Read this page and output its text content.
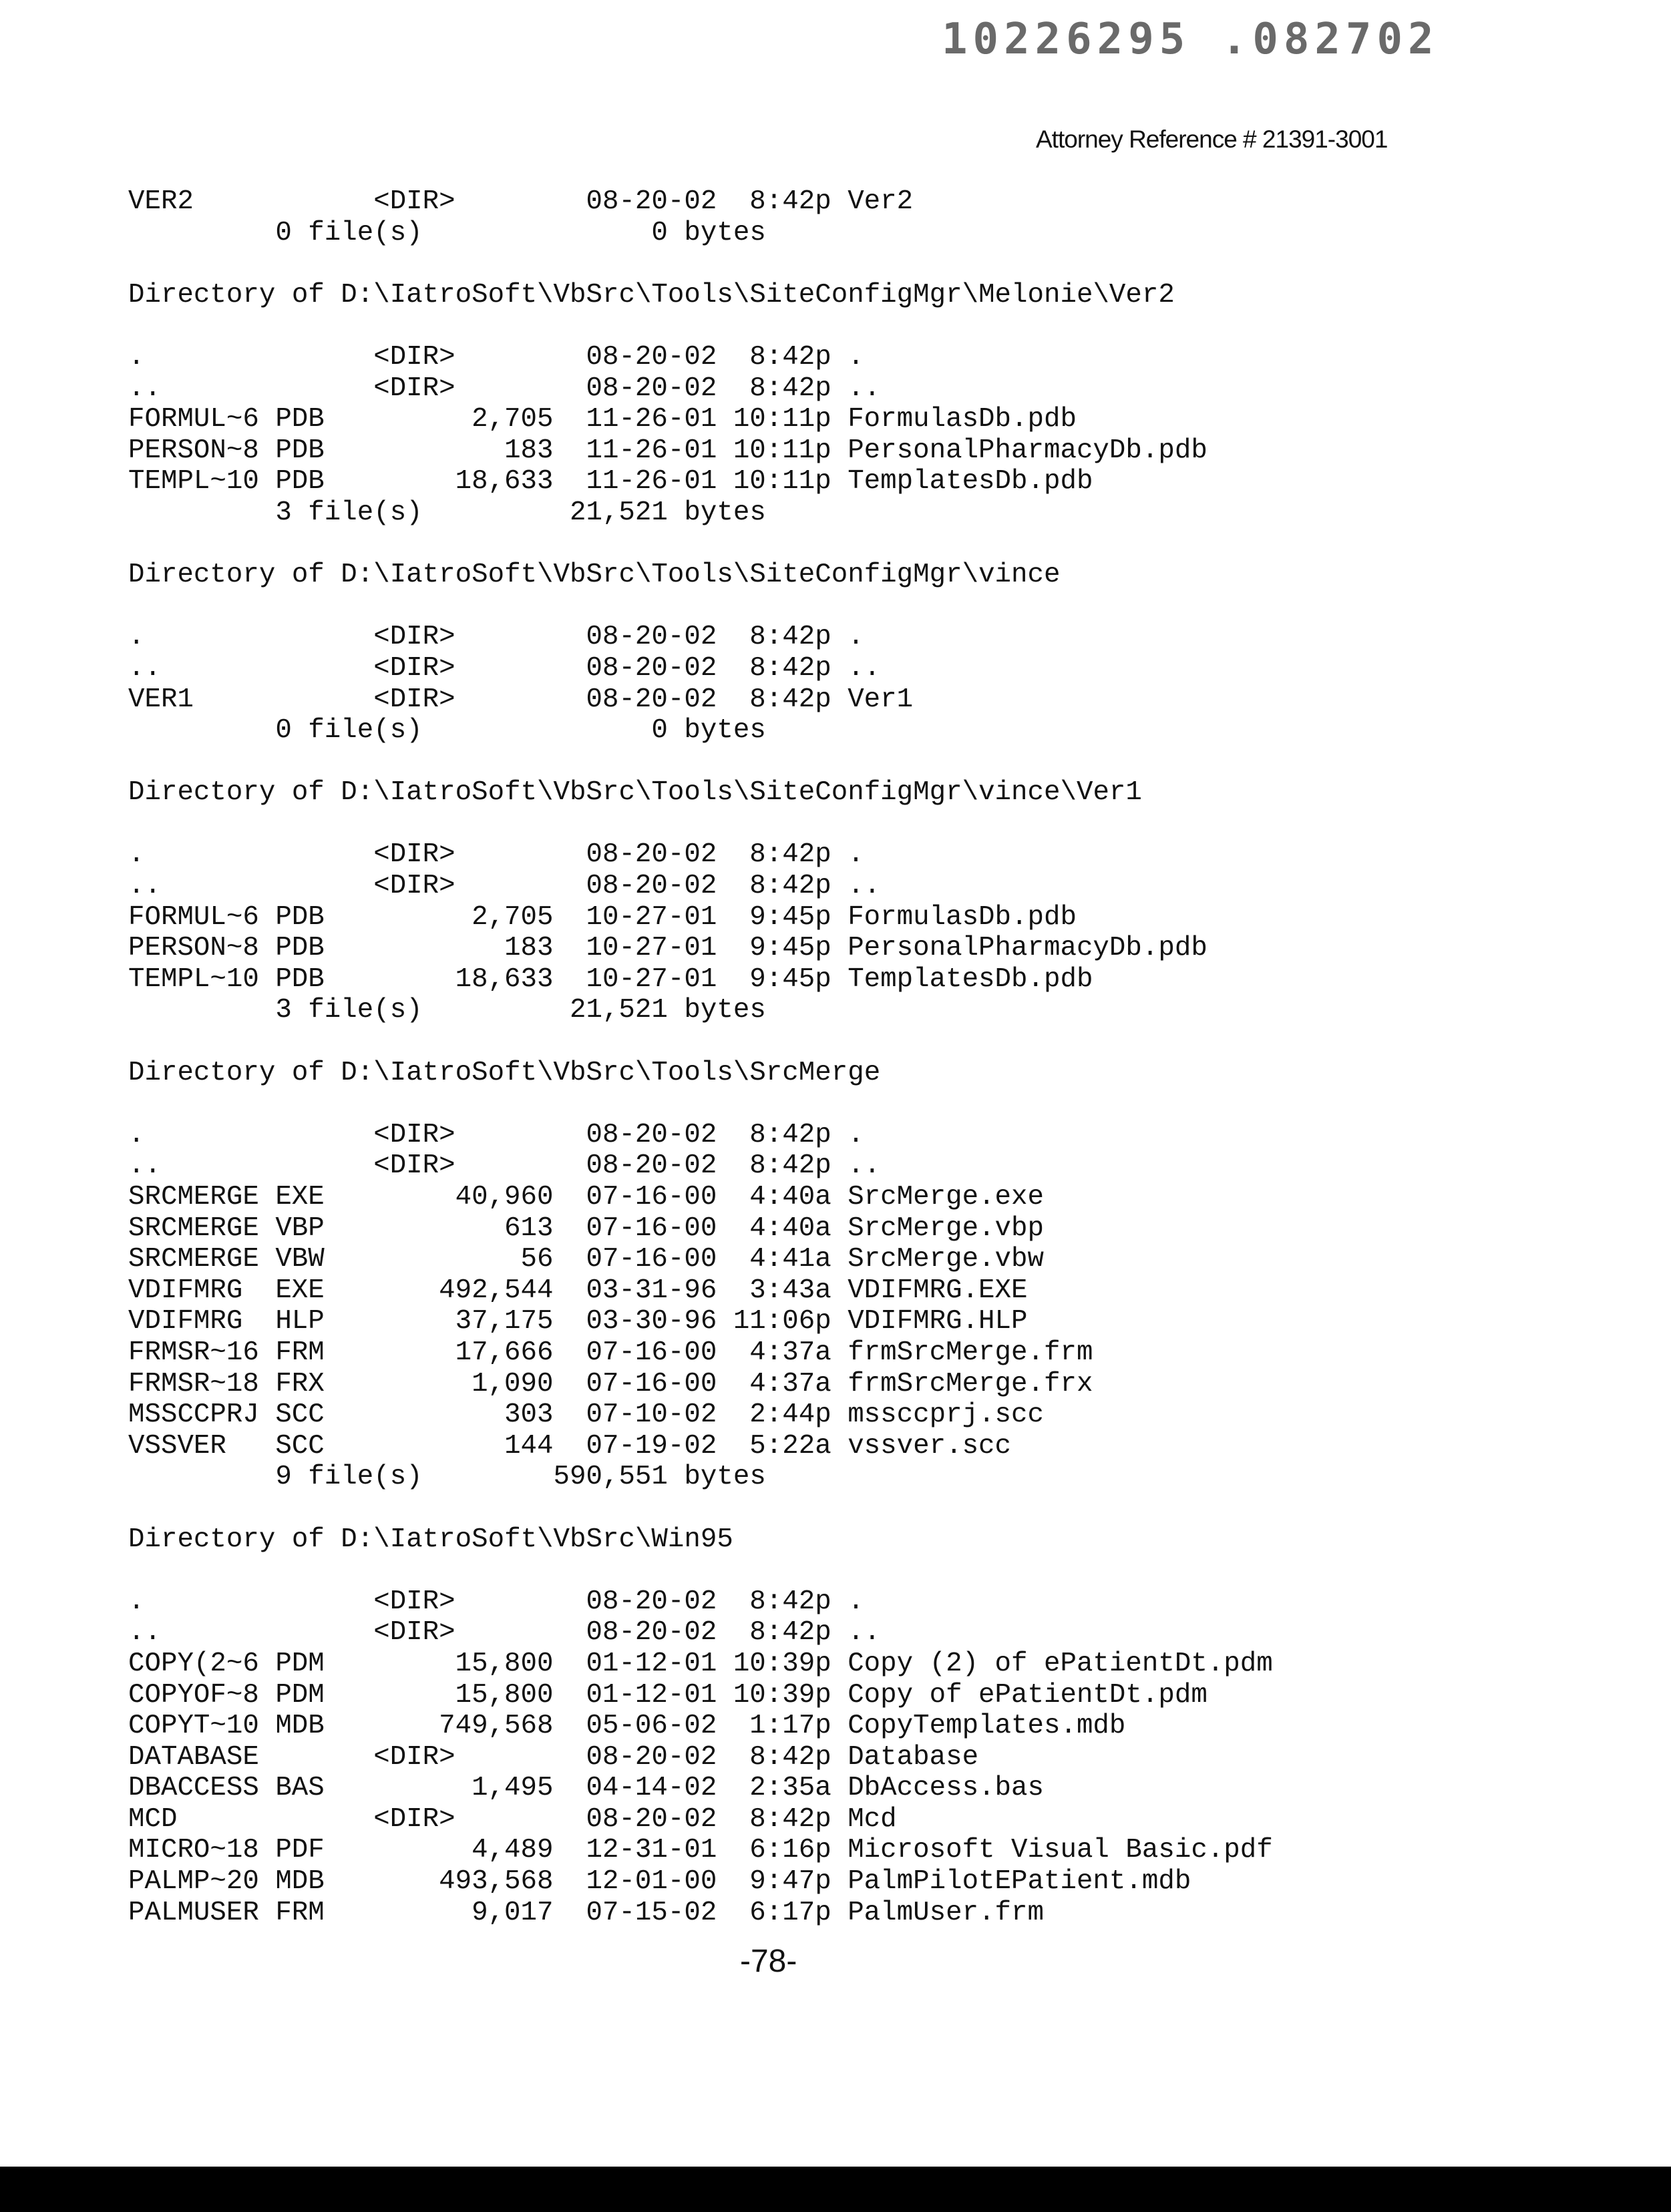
10226295 .082702
Attorney Reference # 21391-3001
VER2	<DIR>	08-20-02	8:42p Ver2
0 file(s)	0 bytes
Directory of D:\IatroSoft\VbSrc\Tools\SiteConfigMgr\Melonie\Ver2
.	<DIR>	08-20-02	8:42p .
..	<DIR>	08-20-02	8:42p ..
FORMUL~6 PDB	2,705 11-26-01 10:11p FormulasDb.pdb
PERSON~8 PDB	183 11-26-01 10:11p PersonalPharmacyDb.pdb
TEMPL~10 PDB	18,633 11-26-01 10:11p TemplatesDb.pdb
3 file(s)	21,521 bytes
Directory of D:\IatroSoft\VbSrc\Tools\SiteConfigMgr\vince
.	<DIR>	08-20-02	8:42p .
..	<DIR>	08-20-02	8:42p ..
VER1	<DIR>	08-20-02	8:42p Ver1
0 file(s)	0 bytes
Directory of D:\IatroSoft\VbSrc\Tools\SiteConfigMgr\vince\Ver1
.	<DIR>	08-20-02	8:42p .
..	<DIR>	08-20-02	8:42p ..
FORMUL~6 PDB	2,705 10-27-01	9:45p FormulasDb.pdb
PERSON~8 PDB	183 10-27-01	9:45p PersonalPharmacyDb.pdb
TEMPL~10 PDB	18,633 10-27-01	9:45p TemplatesDb.pdb
3 file(s)	21,521 bytes
Directory of D:\IatroSoft\VbSrc\Tools\SrcMerge
.	<DIR>	08-20-02	8:42p .
..	<DIR>	08-20-02	8:42p ..
SRCMERGE EXE	40,960 07-16-00	4:40a SrcMerge.exe
SRCMERGE VBP	613 07-16-00	4:40a SrcMerge.vbp
SRCMERGE VBW	56 07-16-00	4:41a SrcMerge.vbw
VDIFMRG EXE	492,544 03-31-96	3:43a VDIFMRG.EXE
VDIFMRG HLP	37,175 03-30-96 11:06p VDIFMRG.HLP
FRMSR~16 FRM	17,666 07-16-00	4:37a frmSrcMerge.frm
FRMSR~18 FRX	1,090 07-16-00	4:37a frmSrcMerge.frx
MSSCCPRJ SCC	303 07-10-02	2:44p mssccprj.scc
VSSVER SCC	144 07-19-02	5:22a vssver.scc
9 file(s)	590,551 bytes
Directory of D:\IatroSoft\VbSrc\Win95
.	<DIR>	08-20-02	8:42p .
..	<DIR>	08-20-02	8:42p ..
COPY(2~6 PDM	15,800 01-12-01 10:39p Copy (2) of ePatientDt.pdm
COPYOF~8 PDM	15,800 01-12-01 10:39p Copy of ePatientDt.pdm
COPYT~10 MDB	749,568 05-06-02	1:17p CopyTemplates.mdb
DATABASE	<DIR>	08-20-02	8:42p Database
DBACCESS BAS	1,495 04-14-02	2:35a DbAccess.bas
MCD	<DIR>	08-20-02	8:42p Mcd
MICRO~18 PDF	4,489 12-31-01	6:16p Microsoft Visual Basic.pdf
PALMP~20 MDB	493,568 12-01-00	9:47p PalmPilotEPatient.mdb
PALMUSER FRM	9,017 07-15-02	6:17p PalmUser.frm
-78-
